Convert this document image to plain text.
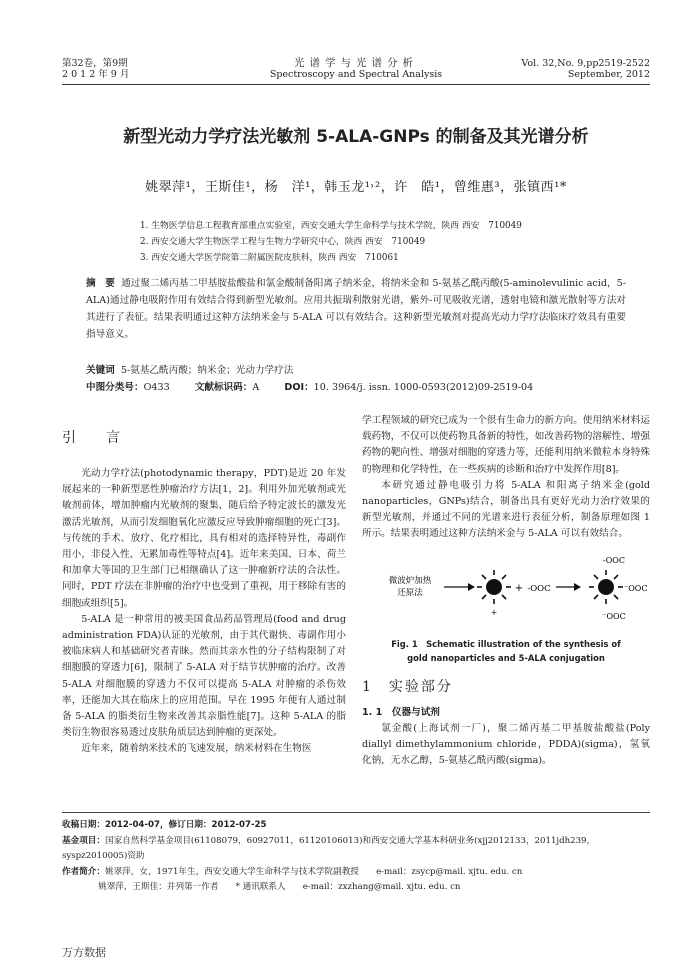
第32卷，第9期
2 0 1 2 年 9 月
光谱学与光谱分析
Spectroscopy and Spectral Analysis
Vol. 32,No. 9,pp2519-2522
September, 2012
新型光动力学疗法光敏剂 5-ALA-GNPs 的制备及其光谱分析
姚翠萍¹，王斯佳¹，杨　洋¹，韩玉龙¹˒²，许　皓¹，曾维惠³，张镇西¹*
1. 生物医学信息工程教育部重点实验室，西安交通大学生命科学与技术学院，陕西 西安　710049
2. 西安交通大学生物医学工程与生物力学研究中心，陕西 西安　710049
3. 西安交通大学医学院第二附属医院皮肤科，陕西 西安　710061
摘　要 通过聚二烯丙基二甲基胺盐酸盐和氯金酸制备阳离子纳米金，将纳米金和 5-氨基乙酰丙酸(5-aminolevulinic acid，5-ALA)通过静电吸附作用有效结合得到新型光敏剂。应用共振瑞利散射光谱，紫外-可见吸收光谱，透射电镜和激光散射等方法对其进行了表征。结果表明通过这种方法纳米金与 5-ALA 可以有效结合。这种新型光敏剂对提高光动力学疗法临床疗效具有重要指导意义。
关键词 5-氨基乙酰丙酸；纳米金；光动力学疗法
中图分类号：O433	文献标识码：A	DOI：10. 3964/j. issn. 1000-0593(2012)09-2519-04
引　言
光动力学疗法(photodynamic therapy，PDT)是近 20 年发展起来的一种新型恶性肿瘤治疗方法[1，2]。利用外加光敏剂或光敏剂前体，增加肿瘤内光敏剂的聚集，随后给予特定波长的激发光激活光敏剂，从而引发细胞氧化应激反应导致肿瘤细胞的死亡[3]。与传统的手术、放疗、化疗相比，具有相对的选择特异性，毒副作用小，非侵入性，无累加毒性等特点[4]。近年来美国、日本、荷兰和加拿大等国的卫生部门已相继确认了这一肿瘤新疗法的合法性。同时，PDT 疗法在非肿瘤的治疗中也受到了重视，用于移除有害的细胞或组织[5]。
5-ALA 是一种常用的被美国食品药品管理局(food and drug administration FDA)认证的光敏剂，由于其代谢快、毒副作用小被临床病人和基础研究者青睐。然而其亲水性的分子结构限制了对细胞膜的穿透力[6]，限制了 5-ALA 对于结节状肿瘤的治疗。改善 5-ALA 对细胞膜的穿透力不仅可以提高 5-ALA 对肿瘤的杀伤效率，还能加大其在临床上的应用范围。早在 1995 年便有人通过制备 5-ALA 的脂类衍生物来改善其亲脂性能[7]。这种 5-ALA 的脂类衍生物很容易透过皮肤角质层达到肿瘤的更深处。
近年来，随着纳米技术的飞速发展，纳米材料在生物医
学工程领域的研究已成为一个很有生命力的新方向。使用纳米材料运载药物，不仅可以使药物具备新的特性，如改善药物的溶解性、增强药物的靶向性、增强对细胞的穿透力等，还能利用纳米微粒本身特殊的物理和化学特性，在一些疾病的诊断和治疗中发挥作用[8]。
本研究通过静电吸引力将 5-ALA 和阳离子纳米金(gold nanoparticles，GNPs)结合，制备出具有更好光动力治疗效果的新型光敏剂，并通过不同的光谱来进行表征分析，制备原理如图 1 所示。结果表明通过这种方法纳米金与 5-ALA 可以有效结合。
微波炉加热
还原法
+
+ -OOC
-OOC
⁻OOC
⁻OOC
Fig. 1　Schematic illustration of the synthesis of
gold nanoparticles and 5-ALA conjugation
1　实验部分
1. 1　仪器与试剂
氯金酸(上海试剂一厂)，聚二烯丙基二甲基胺盐酸盐(Poly diallyl dimethylammonium chloride，PDDA)(sigma)，氢氧化钠，无水乙醇，5-氨基乙酰丙酸(sigma)。
收稿日期：2012-04-07，修订日期：2012-07-25
基金项目：国家自然科学基金项目(61108079，60927011，61120106013)和西安交通大学基本科研业务(xjj2012133，2011jdh239，syspz2010005)资助
作者简介：姚翠萍，女，1971年生，西安交通大学生命科学与技术学院副教授　　e-mail：zsycp@mail. xjtu. edu. cn
姚翠萍，王斯佳：并列第一作者　　* 通讯联系人　　e-mail：zxzhang@mail. xjtu. edu. cn
万方数据
